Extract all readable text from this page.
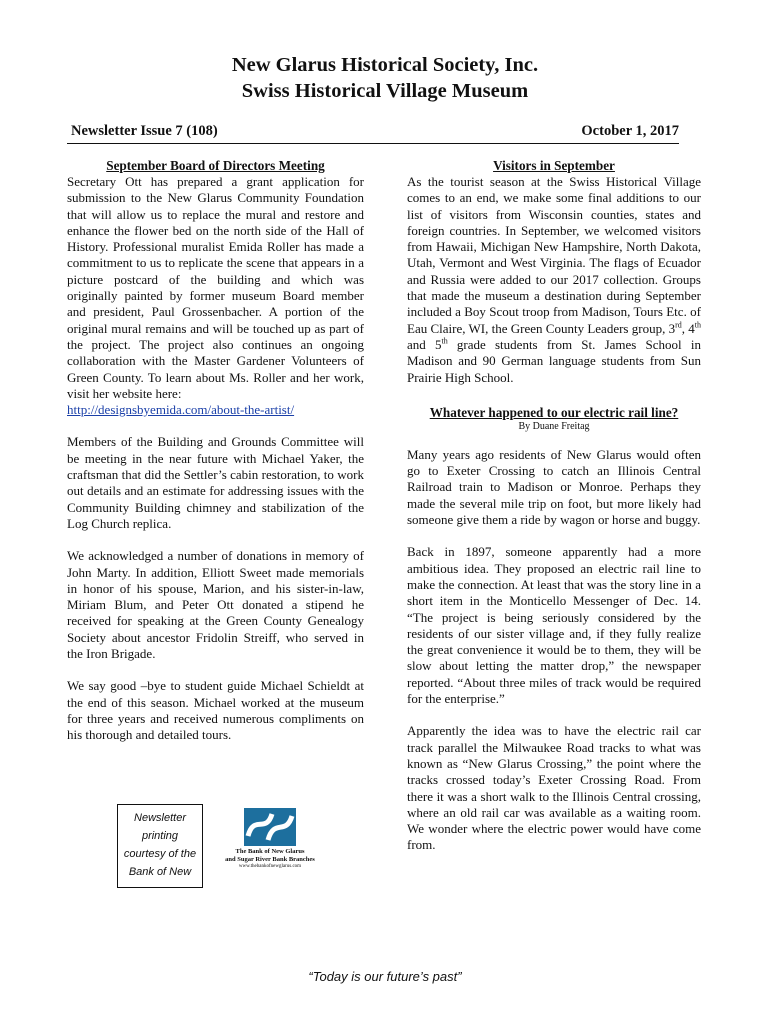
New Glarus Historical Society, Inc.
Swiss Historical Village Museum
Newsletter Issue 7 (108)	October 1, 2017
September Board of Directors Meeting

Secretary Ott has prepared a grant application for submission to the New Glarus Community Foundation that will allow us to replace the mural and restore and enhance the flower bed on the north side of the Hall of History. Professional muralist Emida Roller has made a commitment to us to replicate the scene that appears in a picture postcard of the building and which was originally painted by former museum Board member and president, Paul Grossenbacher. A portion of the original mural remains and will be touched up as part of the project. The project also continues an ongoing collaboration with the Master Gardener Volunteers of Green County. To learn about Ms. Roller and her work, visit her website here:

http://designsbyemida.com/about-the-artist/

Members of the Building and Grounds Committee will be meeting in the near future with Michael Yaker, the craftsman that did the Settler’s cabin restoration, to work out details and an estimate for addressing issues with the Community Building chimney and stabilization of the Log Church replica.

We acknowledged a number of donations in memory of John Marty. In addition, Elliott Sweet made memorials in honor of his spouse, Marion, and his sister-in-law, Miriam Blum, and Peter Ott donated a stipend he received for speaking at the Green County Genealogy Society about ancestor Fridolin Streiff, who served in the Iron Brigade.

We say good –bye to student guide Michael Schieldt at the end of this season. Michael worked at the museum for three years and received numerous compliments on his thorough and detailed tours.

Visitors in September

As the tourist season at the Swiss Historical Village comes to an end, we make some final additions to our list of visitors from Wisconsin counties, states and foreign countries. In September, we welcomed visitors from Hawaii, Michigan New Hampshire, North Dakota, Utah, Vermont and West Virginia. The flags of Ecuador and Russia were added to our 2017 collection. Groups that made the museum a destination during September included a Boy Scout troop from Madison, Tours Etc. of Eau Claire, WI, the Green County Leaders group, 3rd, 4th and 5th grade students from St. James School in Madison and 90 German language students from Sun Prairie High School.

Whatever happened to our electric rail line?
By Duane Freitag

Many years ago residents of New Glarus would often go to Exeter Crossing to catch an Illinois Central Railroad train to Madison or Monroe. Perhaps they made the several mile trip on foot, but more likely had someone give them a ride by wagon or horse and buggy.

Back in 1897, someone apparently had a more ambitious idea. They proposed an electric rail line to make the connection. At least that was the story line in a short item in the Monticello Messenger of Dec. 14. “The project is being seriously considered by the residents of our sister village and, if they fully realize the great convenience it would be to them, they will be slow about letting the matter drop,” the newspaper reported. “About three miles of track would be required for the enterprise.”

Apparently the idea was to have the electric rail car track parallel the Milwaukee Road tracks to what was known as “New Glarus Crossing,” the point where the tracks crossed today’s Exeter Crossing Road. From there it was a short walk to the Illinois Central crossing, where an old rail car was available as a waiting room. We wonder where the electric power would have come from.

Newsletter
printing
courtesy of the
Bank of New
The Bank of New Glarus
and Sugar River Bank Branches
www.thebankofnewglarus.com
“Today is our future’s past”
